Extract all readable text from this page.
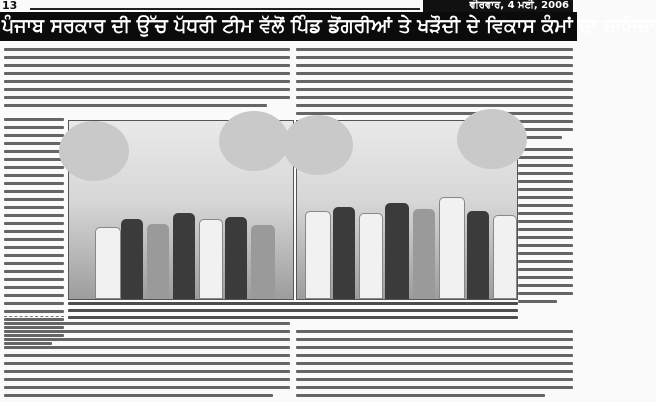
13	ਵੀਰਵਾਰ, 4 ਮਈ, 2006
ਪੰਜਾਬ ਸਰਕਾਰ ਦੀ ਉੱਚ ਪੱਧਰੀ ਟੀਮ ਵੱਲੋਂ ਪਿੰਡ ਡੋਂਗਰੀਆਂ ਤੇ ਖੜੌਦੀ ਦੇ ਵਿਕਾਸ ਕੰਮਾਂ ਦਾ ਜਾਇਜ਼ਾ
